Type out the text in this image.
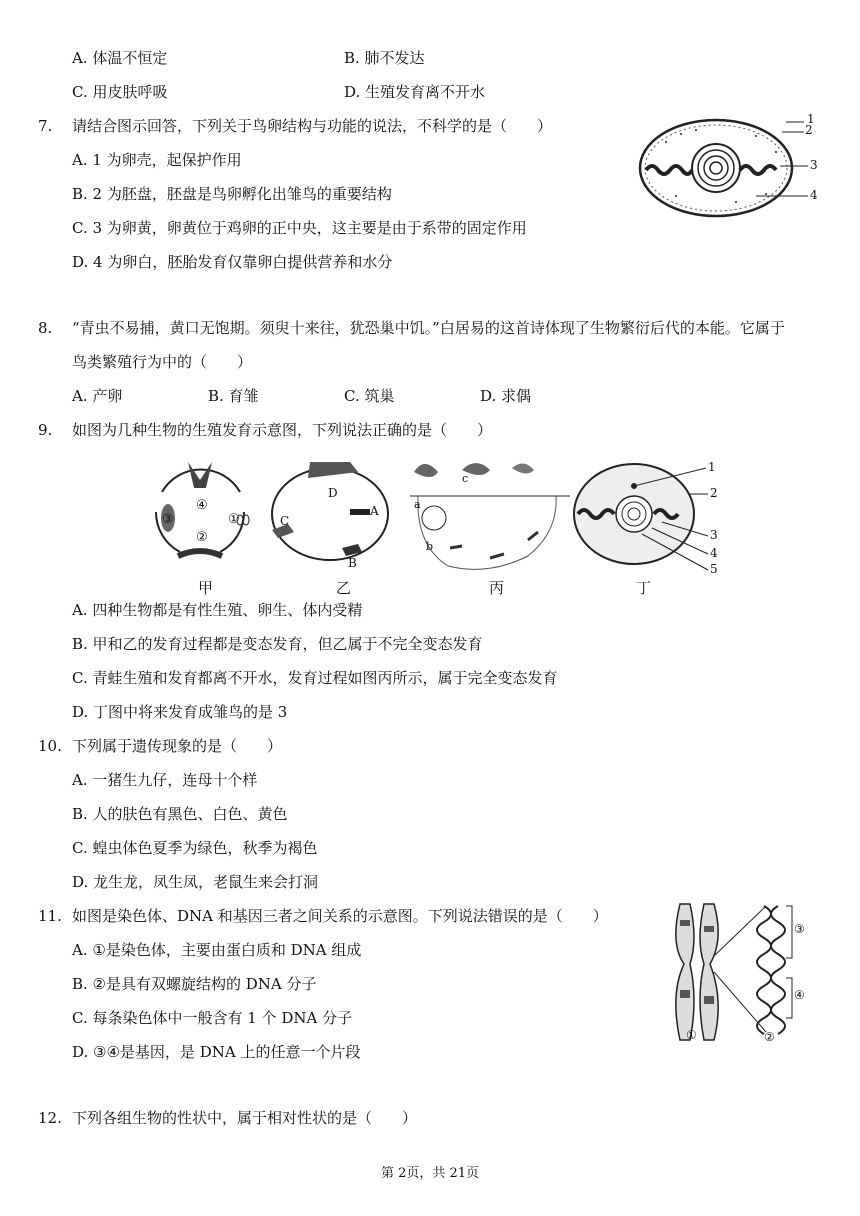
A. 体温不恒定	B. 肺不发达
C. 用皮肤呼吸	D. 生殖发育离不开水
7. 请结合图示回答，下列关于鸟卵结构与功能的说法，不科学的是（　　）
A. 1 为卵壳，起保护作用
B. 2 为胚盘，胚盘是鸟卵孵化出雏鸟的重要结构
C. 3 为卵黄，卵黄位于鸡卵的正中央，这主要是由于系带的固定作用
D. 4 为卵白，胚胎发育仅靠卵白提供营养和水分
1
2
3
4
8. “青虫不易捕，黄口无饱期。须臾十来往，犹恐巢中饥。”白居易的这首诗体现了生物繁衍后代的本能。它属于
鸟类繁殖行为中的（　　）
A. 产卵	B. 育雏	C. 筑巢	D. 求偶
9. 如图为几种生物的生殖发育示意图，下列说法正确的是（　　）
④
③	①
②
D
A
C
B
a
b
c
1
2
3
4
5
甲	乙	丙	丁
A. 四种生物都是有性生殖、卵生、体内受精
B. 甲和乙的发育过程都是变态发育，但乙属于不完全变态发育
C. 青蛙生殖和发育都离不开水，发育过程如图丙所示，属于完全变态发育
D. 丁图中将来发育成雏鸟的是 3
10. 下列属于遗传现象的是（　　）
A. 一猪生九仔，连母十个样
B. 人的肤色有黑色、白色、黄色
C. 蝗虫体色夏季为绿色，秋季为褐色
D. 龙生龙，凤生凤，老鼠生来会打洞
11. 如图是染色体、DNA 和基因三者之间关系的示意图。下列说法错误的是（　　）
A. ①是染色体，主要由蛋白质和 DNA 组成
B. ②是具有双螺旋结构的 DNA 分子
C. 每条染色体中一般含有 1 个 DNA 分子
D. ③④是基因，是 DNA 上的任意一个片段
③
④
①	②
12. 下列各组生物的性状中，属于相对性状的是（　　）
第 2页，共 21页
